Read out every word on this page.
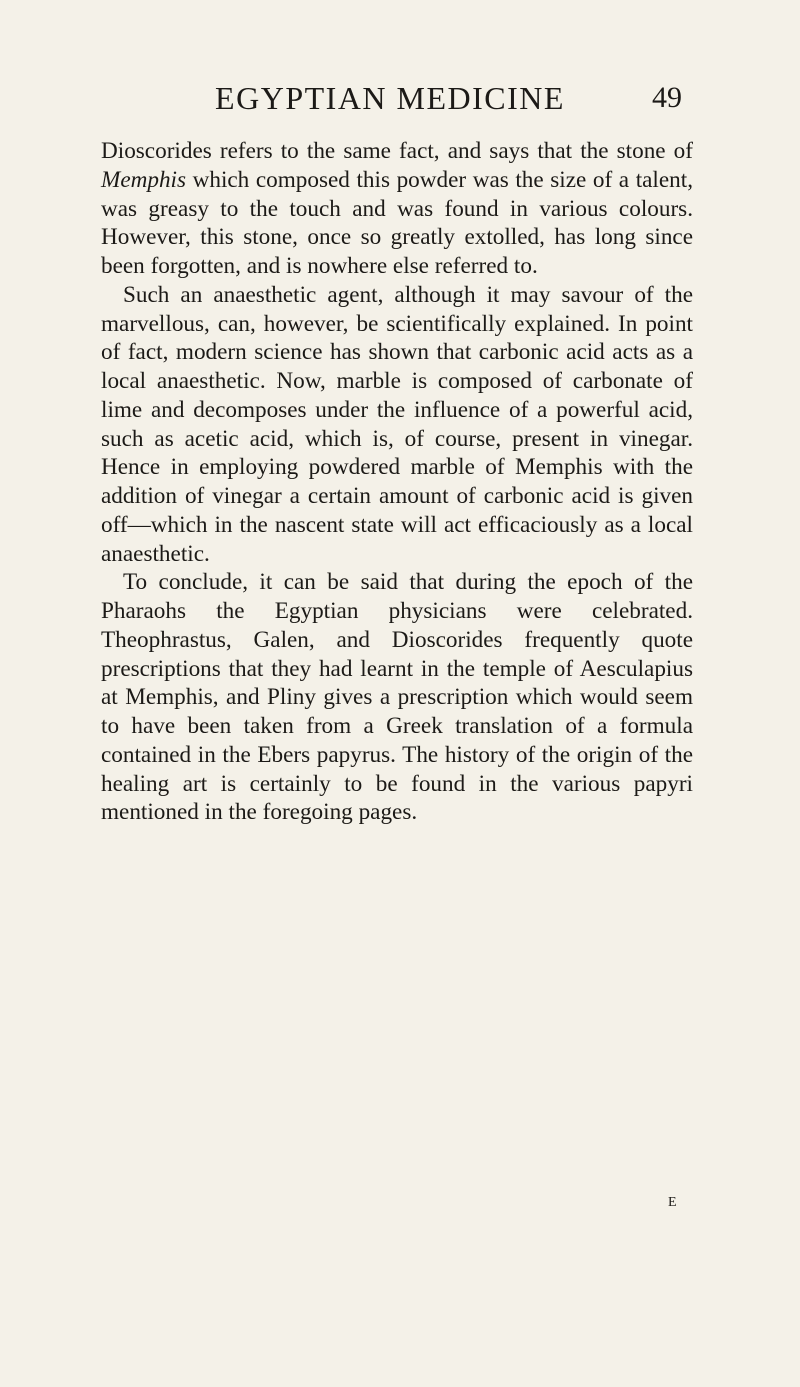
EGYPTIAN MEDICINE	49

Dioscorides refers to the same fact, and says that the stone of Memphis which composed this powder was the size of a talent, was greasy to the touch and was found in various colours. However, this stone, once so greatly extolled, has long since been forgotten, and is nowhere else referred to.

Such an anaesthetic agent, although it may savour of the marvellous, can, however, be scientifically explained. In point of fact, modern science has shown that carbonic acid acts as a local anaesthetic. Now, marble is composed of carbonate of lime and decomposes under the influence of a powerful acid, such as acetic acid, which is, of course, present in vinegar. Hence in employing powdered marble of Memphis with the addition of vinegar a certain amount of carbonic acid is given off—which in the nascent state will act efficaciously as a local anaesthetic.

To conclude, it can be said that during the epoch of the Pharaohs the Egyptian physicians were celebrated. Theophrastus, Galen, and Dioscorides frequently quote prescriptions that they had learnt in the temple of Aesculapius at Memphis, and Pliny gives a prescription which would seem to have been taken from a Greek translation of a formula contained in the Ebers papyrus. The history of the origin of the healing art is certainly to be found in the various papyri mentioned in the foregoing pages.

E
